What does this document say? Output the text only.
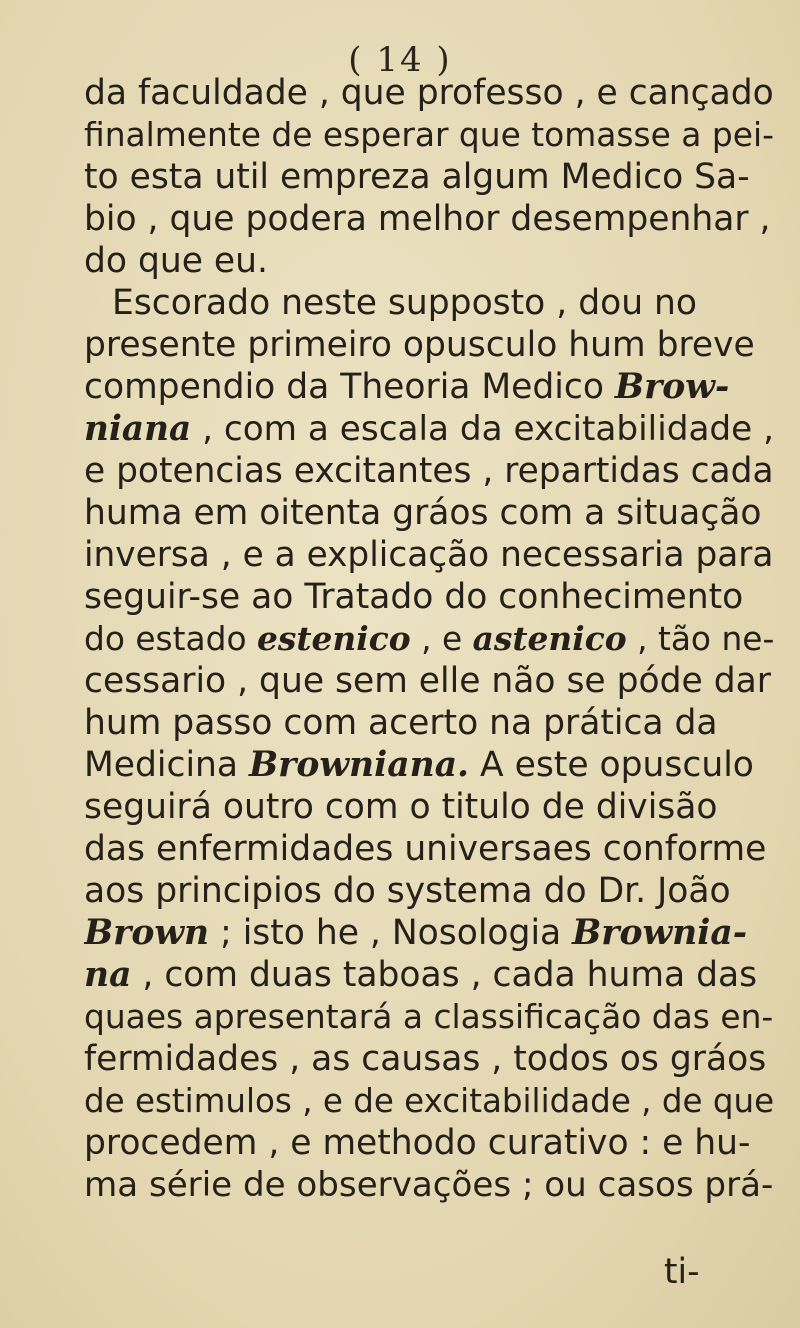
( 14 )
da faculdade , que professo , e cançado
finalmente de esperar que tomasse a pei-
to esta util empreza algum Medico Sa-
bio , que podera melhor desempenhar ,
do que eu.
Escorado neste supposto , dou no
presente primeiro opusculo hum breve
compendio da Theoria Medico Brow-
niana , com a escala da excitabilidade ,
e potencias excitantes , repartidas cada
huma em oitenta gráos com a situação
inversa , e a explicação necessaria para
seguir-se ao Tratado do conhecimento
do estado estenico , e astenico , tão ne-
cessario , que sem elle não se póde dar
hum passo com acerto na prática da
Medicina Browniana. A este opusculo
seguirá outro com o titulo de divisão
das enfermidades universaes conforme
aos principios do systema do Dr. João
Brown ; isto he , Nosologia Brownia-
na , com duas taboas , cada huma das
quaes apresentará a classificação das en-
fermidades , as causas , todos os gráos
de estimulos , e de excitabilidade , de que
procedem , e methodo curativo : e hu-
ma série de observações ; ou casos prá-
ti-
